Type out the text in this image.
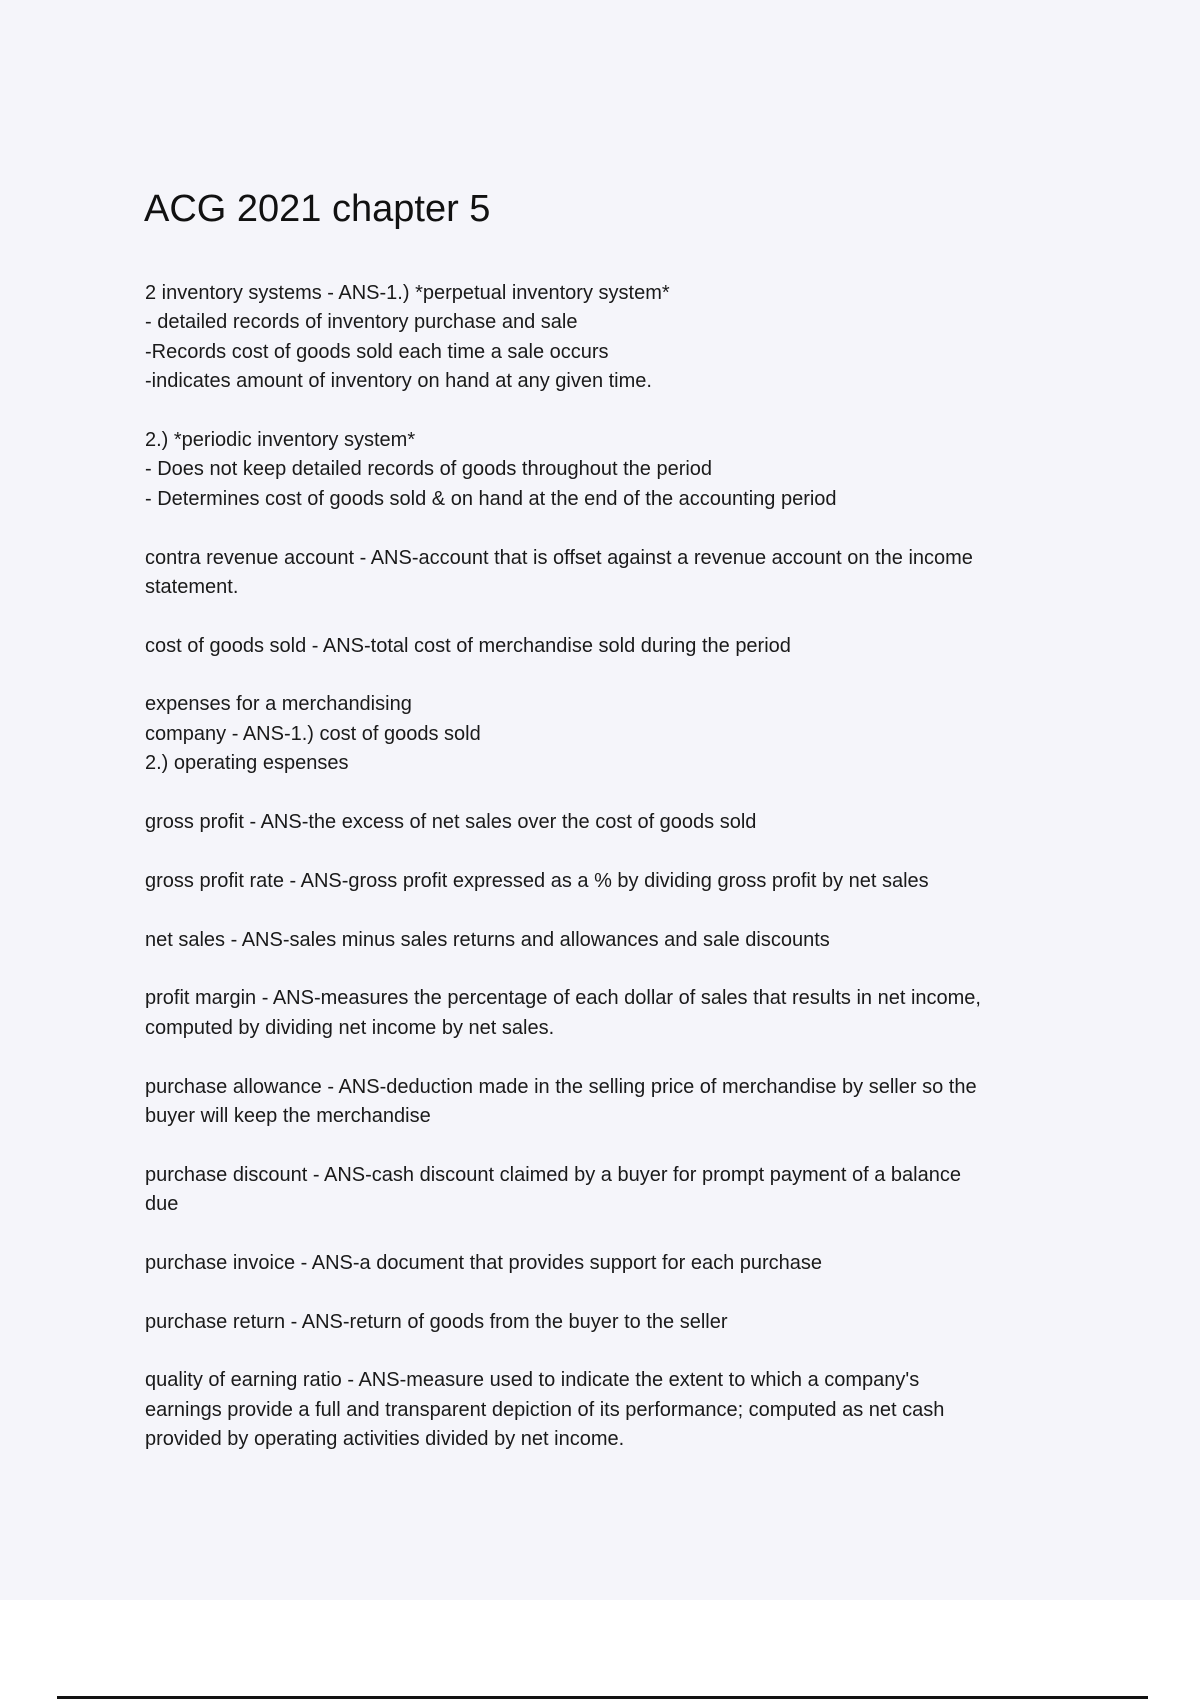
ACG 2021 chapter 5
2 inventory systems - ANS-1.) *perpetual inventory system*
- detailed records of inventory purchase and sale
-Records cost of goods sold each time a sale occurs
-indicates amount of inventory on hand at any given time.
2.) *periodic inventory system*
- Does not keep detailed records of goods throughout the period
- Determines cost of goods sold & on hand at the end of the accounting period
contra revenue account - ANS-account that is offset against a revenue account on the income
statement.
cost of goods sold - ANS-total cost of merchandise sold during the period
expenses for a merchandising
company - ANS-1.) cost of goods sold
2.) operating espenses
gross profit - ANS-the excess of net sales over the cost of goods sold
gross profit rate - ANS-gross profit expressed as a % by dividing gross profit by net sales
net sales - ANS-sales minus sales returns and allowances and sale discounts
profit margin - ANS-measures the percentage of each dollar of sales that results in net income,
computed by dividing net income by net sales.
purchase allowance - ANS-deduction made in the selling price of merchandise by seller so the
buyer will keep the merchandise
purchase discount - ANS-cash discount claimed by a buyer for prompt payment of a balance
due
purchase invoice - ANS-a document that provides support for each purchase
purchase return - ANS-return of goods from the buyer to the seller
quality of earning ratio - ANS-measure used to indicate the extent to which a company's
earnings provide a full and transparent depiction of its performance; computed as net cash
provided by operating activities divided by net income.
